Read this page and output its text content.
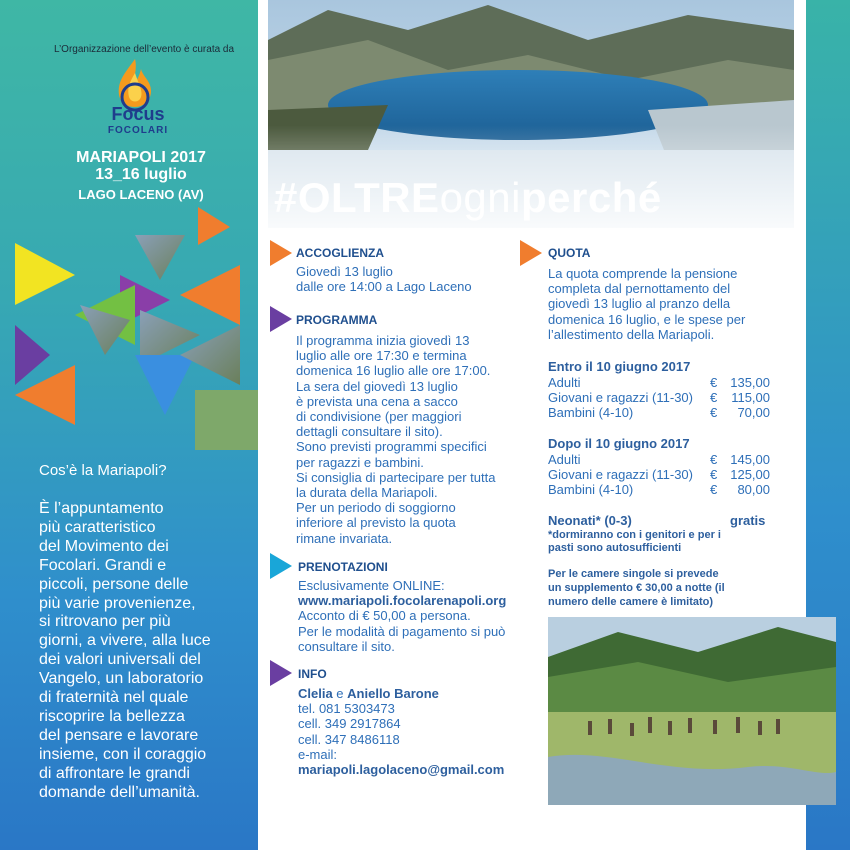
L’Organizzazione dell’evento è curata da
Focus
FOCOLARI
MARIAPOLI 2017
13_16 luglio
LAGO LACENO (AV)
Cos’è la Mariapoli?
È l’appuntamento
più caratteristico
del Movimento dei
Focolari. Grandi e
piccoli, persone delle
più varie provenienze,
si ritrovano per più
giorni, a vivere, alla luce
dei valori universali del
Vangelo, un laboratorio
di fraternità nel quale
riscoprire la bellezza
del pensare e lavorare
insieme, con il coraggio
di affrontare le grandi
domande dell’umanità.
#OLTREogniperché
ACCOGLIENZA
Giovedì 13 luglio
dalle ore 14:00 a Lago Laceno
PROGRAMMA
Il programma inizia giovedì 13
luglio alle ore 17:30 e termina
domenica 16 luglio alle ore 17:00.
La sera del giovedì 13 luglio
è prevista una cena a sacco
di condivisione (per maggiori
dettagli consultare il sito).
Sono previsti programmi specifici
per ragazzi e bambini.
Si consiglia di partecipare per tutta
la durata della Mariapoli.
Per un periodo di soggiorno
inferiore al previsto la quota
rimane invariata.
PRENOTAZIONI
Esclusivamente ONLINE:
www.mariapoli.focolarenapoli.org
Acconto di € 50,00 a persona.
Per le modalità di pagamento si può
consultare il sito.
INFO
Clelia e Aniello Barone
tel. 081 5303473
cell. 349 2917864
cell. 347 8486118
e-mail:
mariapoli.lagolaceno@gmail.com
QUOTA
La quota comprende la pensione
completa dal pernottamento del
giovedì 13 luglio al pranzo della
domenica 16 luglio, e le spese per
l’allestimento della Mariapoli.
Entro il 10 giugno 2017
Adulti	€	135,00
Giovani e ragazzi (11-30) €	115,00
Bambini (4-10)	€	70,00
Dopo il 10 giugno 2017
Adulti	€	145,00
Giovani e ragazzi (11-30) €	125,00
Bambini (4-10)	€	80,00
Neonati* (0-3)	gratis
*dormiranno con i genitori e per i
pasti sono autosufficienti
Per le camere singole si prevede
un supplemento € 30,00 a notte (il
numero delle camere è limitato)
